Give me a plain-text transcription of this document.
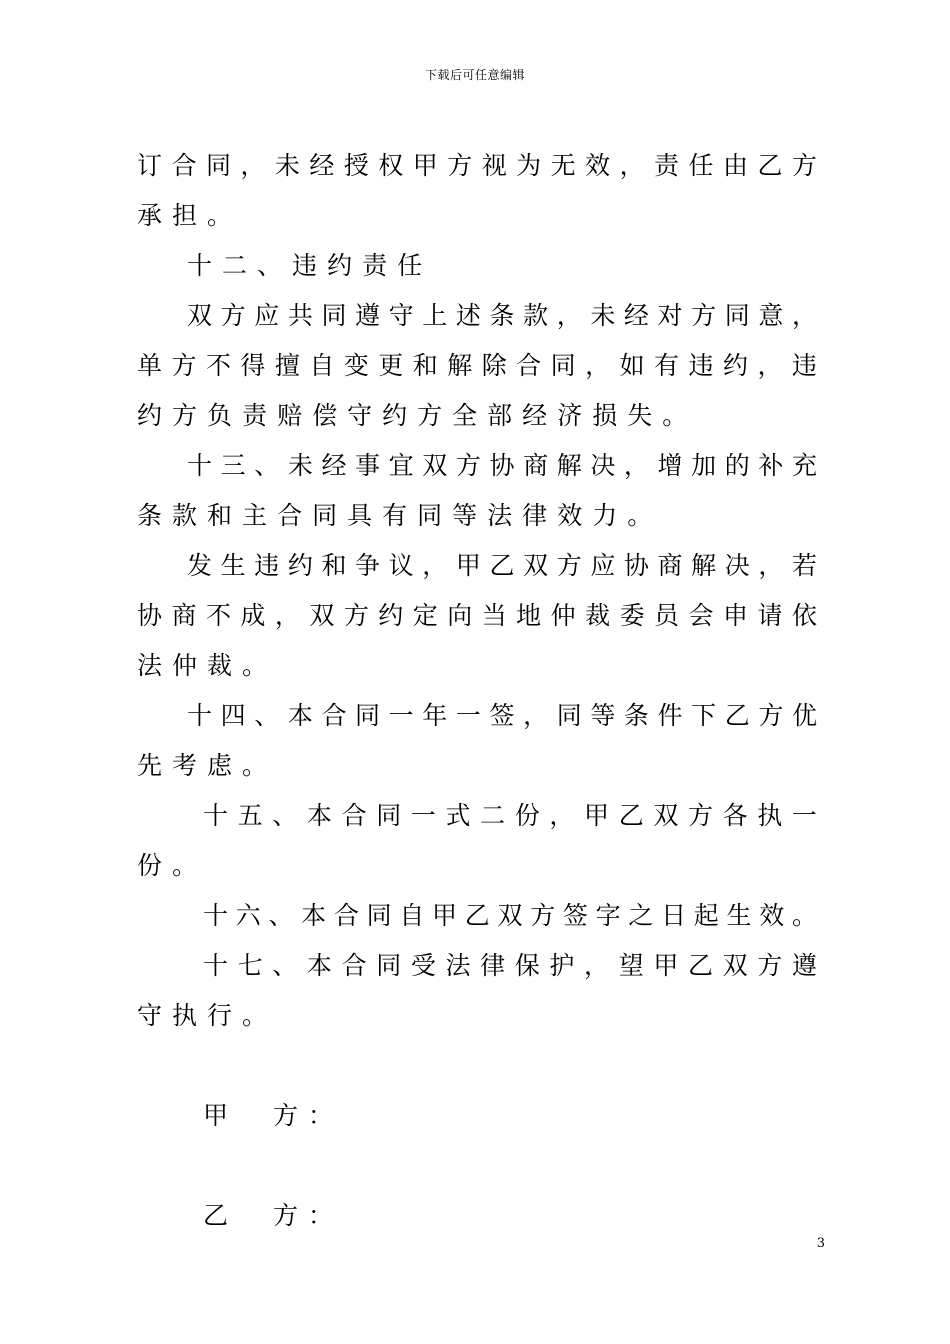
下载后可任意编辑
订 合 同 ， 未 经 授 权 甲 方 视 为 无 效 ， 责 任 由 乙 方
承担。
十二、违约责任
双 方 应 共 同 遵 守 上 述 条 款 ， 未 经 对 方 同 意 ，
单 方 不 得 擅 自 变 更 和 解 除 合 同 ， 如 有 违 约 ， 违
约方负责赔偿守约方全部经济损失。
十 三 、 未 经 事 宜 双 方 协 商 解 决 ， 增 加 的 补 充
条款和主合同具有同等法律效力。
发 生 违 约 和 争 议 ， 甲 乙 双 方 应 协 商 解 决 ， 若
协 商 不 成 ， 双 方 约 定 向 当 地 仲 裁 委 员 会 申 请 依
法仲裁。
十 四 、 本 合 同 一 年 一 签 ， 同 等 条 件 下 乙 方 优
先考虑。
十 五 、 本 合 同 一 式 二 份 ， 甲 乙 双 方 各 执 一
份。
十 六 、 本 合 同 自 甲 乙 双 方 签 字 之 日 起 生 效 。
十 七 、 本 合 同 受 法 律 保 护 ， 望 甲 乙 双 方 遵
守执行。
甲　 方：
乙　 方：
3
